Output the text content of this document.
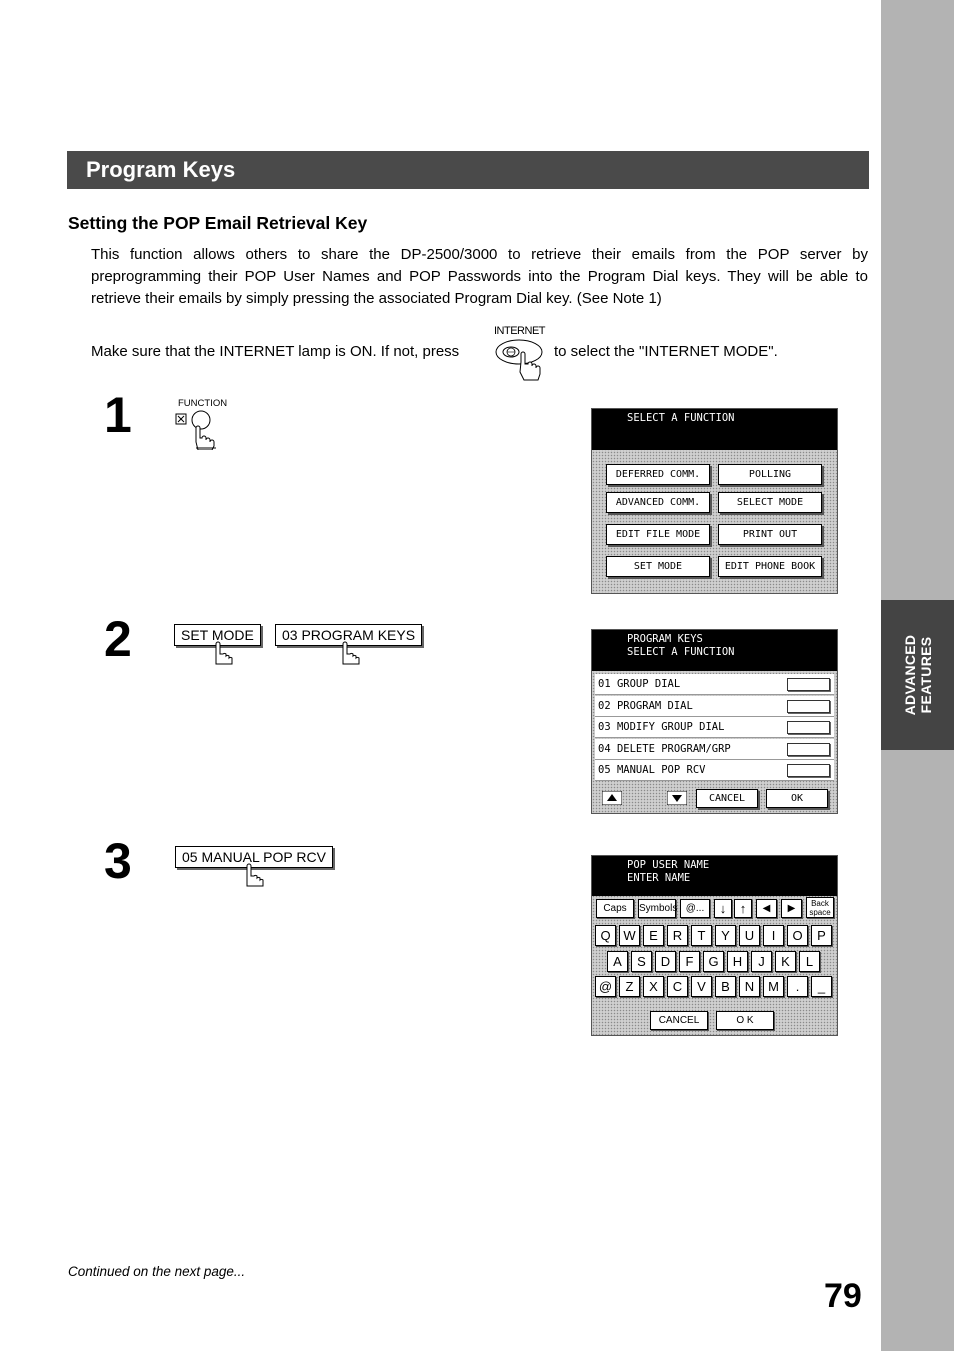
ADVANCED FEATURES
Program Keys
Setting the POP Email Retrieval Key
This function allows others to share the DP-2500/3000 to retrieve their emails from the POP server by preprogramming their POP User Names and POP Passwords into the Program Dial keys. They will be able to retrieve their emails by simply pressing the associated Program Dial key. (See Note 1)
Make sure that the INTERNET lamp is ON. If not, press
INTERNET
to select the "INTERNET MODE".
1
2
3
FUNCTION
SET MODE	03 PROGRAM KEYS
05 MANUAL POP RCV
SELECT A FUNCTION
DEFERRED COMM.	POLLING
ADVANCED COMM.	SELECT MODE
EDIT FILE MODE	PRINT OUT
SET MODE	EDIT PHONE BOOK
PROGRAM KEYS
SELECT A FUNCTION
01 GROUP DIAL
02 PROGRAM DIAL
03 MODIFY GROUP DIAL
04 DELETE PROGRAM/GRP
05 MANUAL POP RCV
CANCEL	OK
POP USER NAME
ENTER NAME
Caps	Symbols @...	↓	↑	◀	▶	Back space
Q W	E	R	T	Y	U	I	O	P
A	S	D	F	G	H	J	K	L
@	Z	X	C	V	B	N	M	.	_
CANCEL	O K
Continued on the next page...
79
